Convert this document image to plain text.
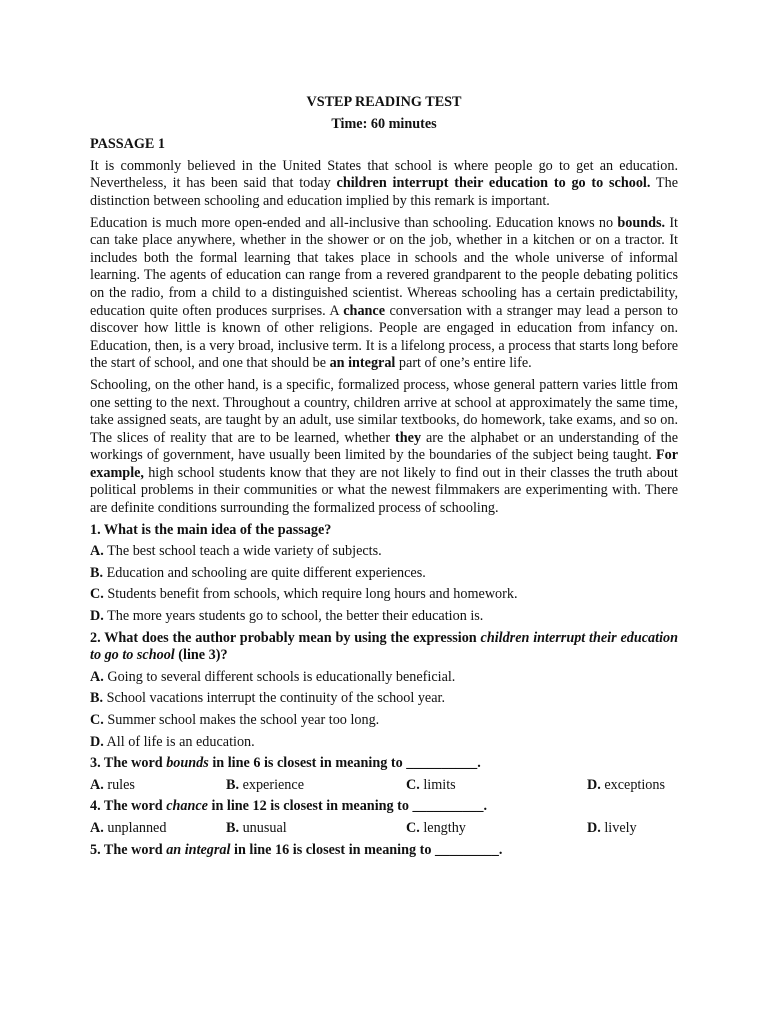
VSTEP READING TEST
Time: 60 minutes
PASSAGE 1

It is commonly believed in the United States that school is where people go to get an education. Nevertheless, it has been said that today children interrupt their education to go to school. The distinction between schooling and education implied by this remark is important.

Education is much more open-ended and all-inclusive than schooling. Education knows no bounds. It can take place anywhere, whether in the shower or on the job, whether in a kitchen or on a tractor. It includes both the formal learning that takes place in schools and the whole universe of informal learning. The agents of education can range from a revered grandparent to the people debating politics on the radio, from a child to a distinguished scientist. Whereas schooling has a certain predictability, education quite often produces surprises. A chance conversation with a stranger may lead a person to discover how little is known of other religions. People are engaged in education from infancy on. Education, then, is a very broad, inclusive term. It is a lifelong process, a process that starts long before the start of school, and one that should be an integral part of one’s entire life.

Schooling, on the other hand, is a specific, formalized process, whose general pattern varies little from one setting to the next. Throughout a country, children arrive at school at approximately the same time, take assigned seats, are taught by an adult, use similar textbooks, do homework, take exams, and so on. The slices of reality that are to be learned, whether they are the alphabet or an understanding of the workings of government, have usually been limited by the boundaries of the subject being taught. For example, high school students know that they are not likely to find out in their classes the truth about political problems in their communities or what the newest filmmakers are experimenting with. There are definite conditions surrounding the formalized process of schooling.

1. What is the main idea of the passage?
A. The best school teach a wide variety of subjects.
B. Education and schooling are quite different experiences.
C. Students benefit from schools, which require long hours and homework.
D. The more years students go to school, the better their education is.
2. What does the author probably mean by using the expression children interrupt their education to go to school (line 3)?
A. Going to several different schools is educationally beneficial.
B. School vacations interrupt the continuity of the school year.
C. Summer school makes the school year too long.
D. All of life is an education.
3. The word bounds in line 6 is closest in meaning to __________.
A. rules	B. experience	C. limits	D. exceptions
4. The word chance in line 12 is closest in meaning to __________.
A. unplanned	B. unusual	C. lengthy	D. lively
5. The word an integral in line 16 is closest in meaning to _________.
